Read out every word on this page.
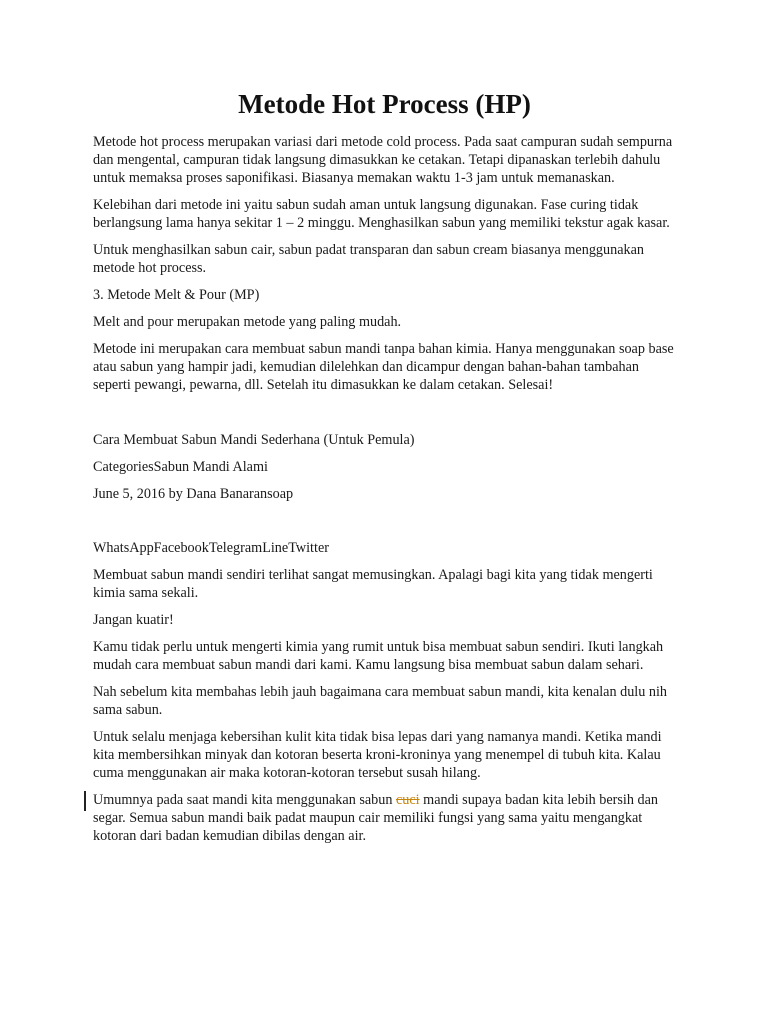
Metode Hot Process (HP)

Metode hot process merupakan variasi dari metode cold process. Pada saat campuran sudah sempurna dan mengental, campuran tidak langsung dimasukkan ke cetakan. Tetapi dipanaskan terlebih dahulu untuk memaksa proses saponifikasi. Biasanya memakan waktu 1-3 jam untuk memanaskan.

Kelebihan dari metode ini yaitu sabun sudah aman untuk langsung digunakan. Fase curing tidak berlangsung lama hanya sekitar 1 – 2 minggu. Menghasilkan sabun yang memiliki tekstur agak kasar.

Untuk menghasilkan sabun cair, sabun padat transparan dan sabun cream biasanya menggunakan metode hot process.

3. Metode Melt & Pour (MP)

Melt and pour merupakan metode yang paling mudah.

Metode ini merupakan cara membuat sabun mandi tanpa bahan kimia. Hanya menggunakan soap base atau sabun yang hampir jadi, kemudian dilelehkan dan dicampur dengan bahan-bahan tambahan seperti pewangi, pewarna, dll. Setelah itu dimasukkan ke dalam cetakan. Selesai!

Cara Membuat Sabun Mandi Sederhana (Untuk Pemula)

CategoriesSabun Mandi Alami

June 5, 2016 by Dana Banaransoap

WhatsAppFacebookTelegramLineTwitter

Membuat sabun mandi sendiri terlihat sangat memusingkan. Apalagi bagi kita yang tidak mengerti kimia sama sekali.

Jangan kuatir!

Kamu tidak perlu untuk mengerti kimia yang rumit untuk bisa membuat sabun sendiri. Ikuti langkah mudah cara membuat sabun mandi dari kami. Kamu langsung bisa membuat sabun dalam sehari.

Nah sebelum kita membahas lebih jauh bagaimana cara membuat sabun mandi, kita kenalan dulu nih sama sabun.

Untuk selalu menjaga kebersihan kulit kita tidak bisa lepas dari yang namanya mandi. Ketika mandi kita membersihkan minyak dan kotoran beserta kroni-kroninya yang menempel di tubuh kita. Kalau cuma menggunakan air maka kotoran-kotoran tersebut susah hilang.

Umumnya pada saat mandi kita menggunakan sabun cuci mandi supaya badan kita lebih bersih dan segar. Semua sabun mandi baik padat maupun cair memiliki fungsi yang sama yaitu mengangkat kotoran dari badan kemudian dibilas dengan air.
